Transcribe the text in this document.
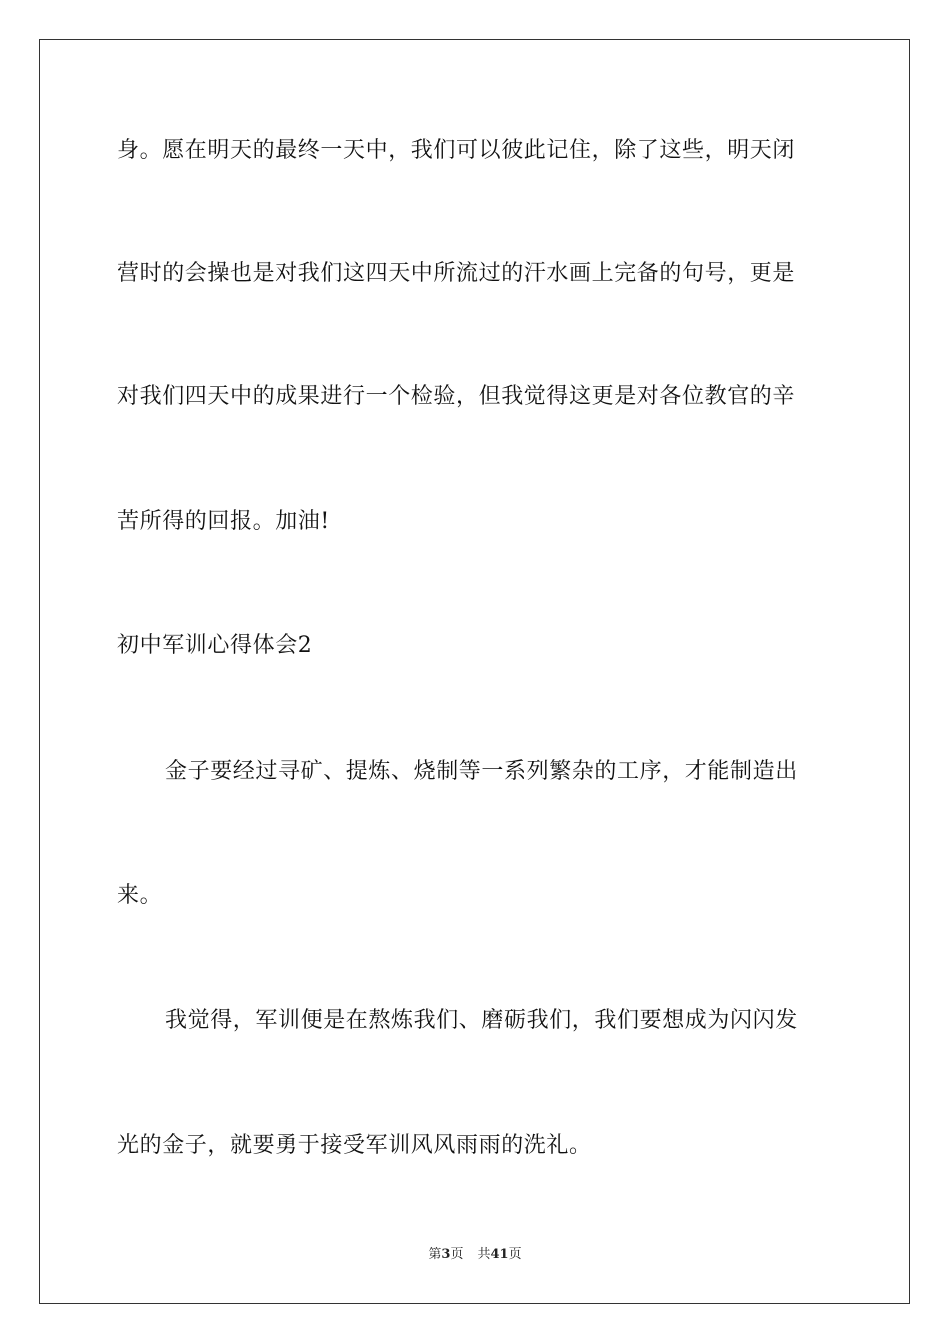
身。愿在明天的最终一天中，我们可以彼此记住，除了这些，明天闭
营时的会操也是对我们这四天中所流过的汗水画上完备的句号，更是
对我们四天中的成果进行一个检验，但我觉得这更是对各位教官的辛
苦所得的回报。加油!
初中军训心得体会2
金子要经过寻矿、提炼、烧制等一系列繁杂的工序，才能制造出
来。
我觉得，军训便是在熬炼我们、磨砺我们，我们要想成为闪闪发
光的金子，就要勇于接受军训风风雨雨的洗礼。
第3页 共41页
